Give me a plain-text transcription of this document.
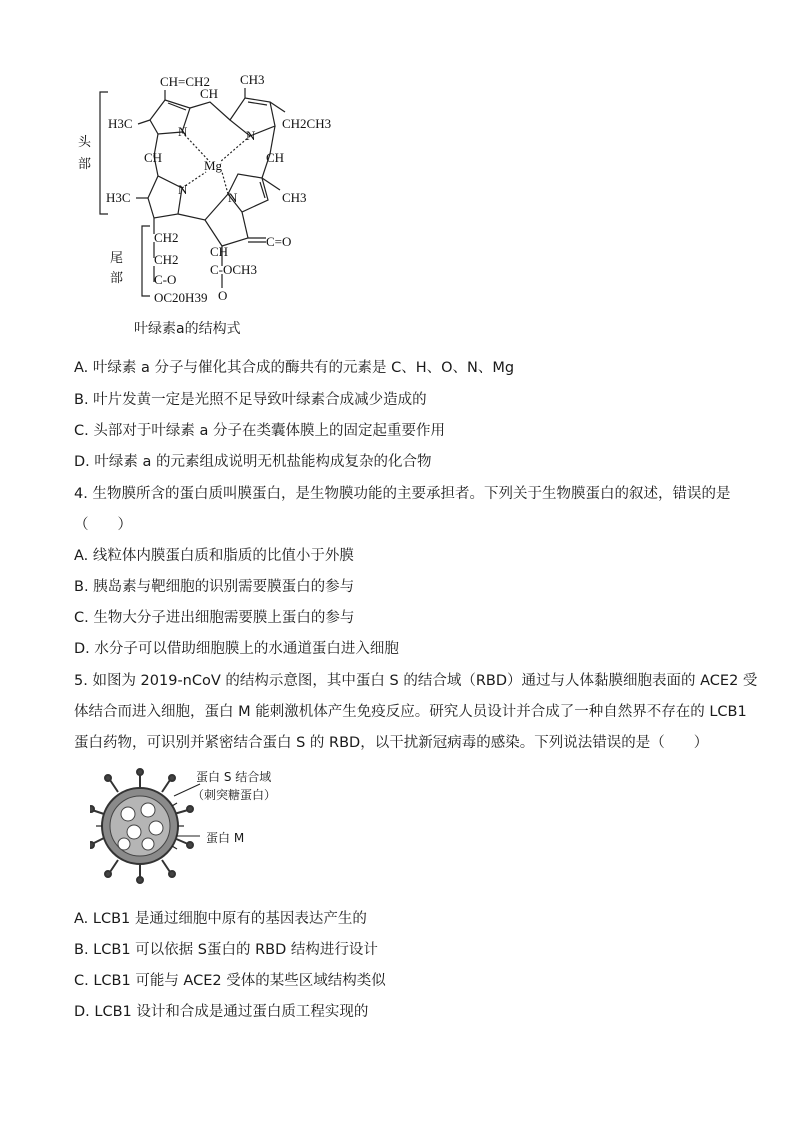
头
部
尾
部
CH=CH2 CH3
H3C	CH2CH3
CH
N	N
CH	CH
Mg
N
N
H3C	CH3
CH
C=O
CH2
CH2
C-O
OC20H39
C-OCH3
O
叶绿素a的结构式
A. 叶绿素 a 分子与催化其合成的酶共有的元素是 C、H、O、N、Mg
B. 叶片发黄一定是光照不足导致叶绿素合成减少造成的
C. 头部对于叶绿素 a 分子在类囊体膜上的固定起重要作用
D. 叶绿素 a 的元素组成说明无机盐能构成复杂的化合物
4. 生物膜所含的蛋白质叫膜蛋白，是生物膜功能的主要承担者。下列关于生物膜蛋白的叙述，错误的是
（　　）
A. 线粒体内膜蛋白质和脂质的比值小于外膜
B. 胰岛素与靶细胞的识别需要膜蛋白的参与
C. 生物大分子进出细胞需要膜上蛋白的参与
D. 水分子可以借助细胞膜上的水通道蛋白进入细胞
5. 如图为 2019-nCoV 的结构示意图，其中蛋白 S 的结合域（RBD）通过与人体黏膜细胞表面的 ACE2 受
体结合而进入细胞，蛋白 M 能刺激机体产生免疫反应。研究人员设计并合成了一种自然界不存在的 LCB1
蛋白药物，可识别并紧密结合蛋白 S 的 RBD，以干扰新冠病毒的感染。下列说法错误的是（　　）
蛋白 S 结合域
（刺突糖蛋白）
蛋白 M
A. LCB1 是通过细胞中原有的基因表达产生的
B. LCB1 可以依据 S蛋白的 RBD 结构进行设计
C. LCB1 可能与 ACE2 受体的某些区域结构类似
D. LCB1 设计和合成是通过蛋白质工程实现的
